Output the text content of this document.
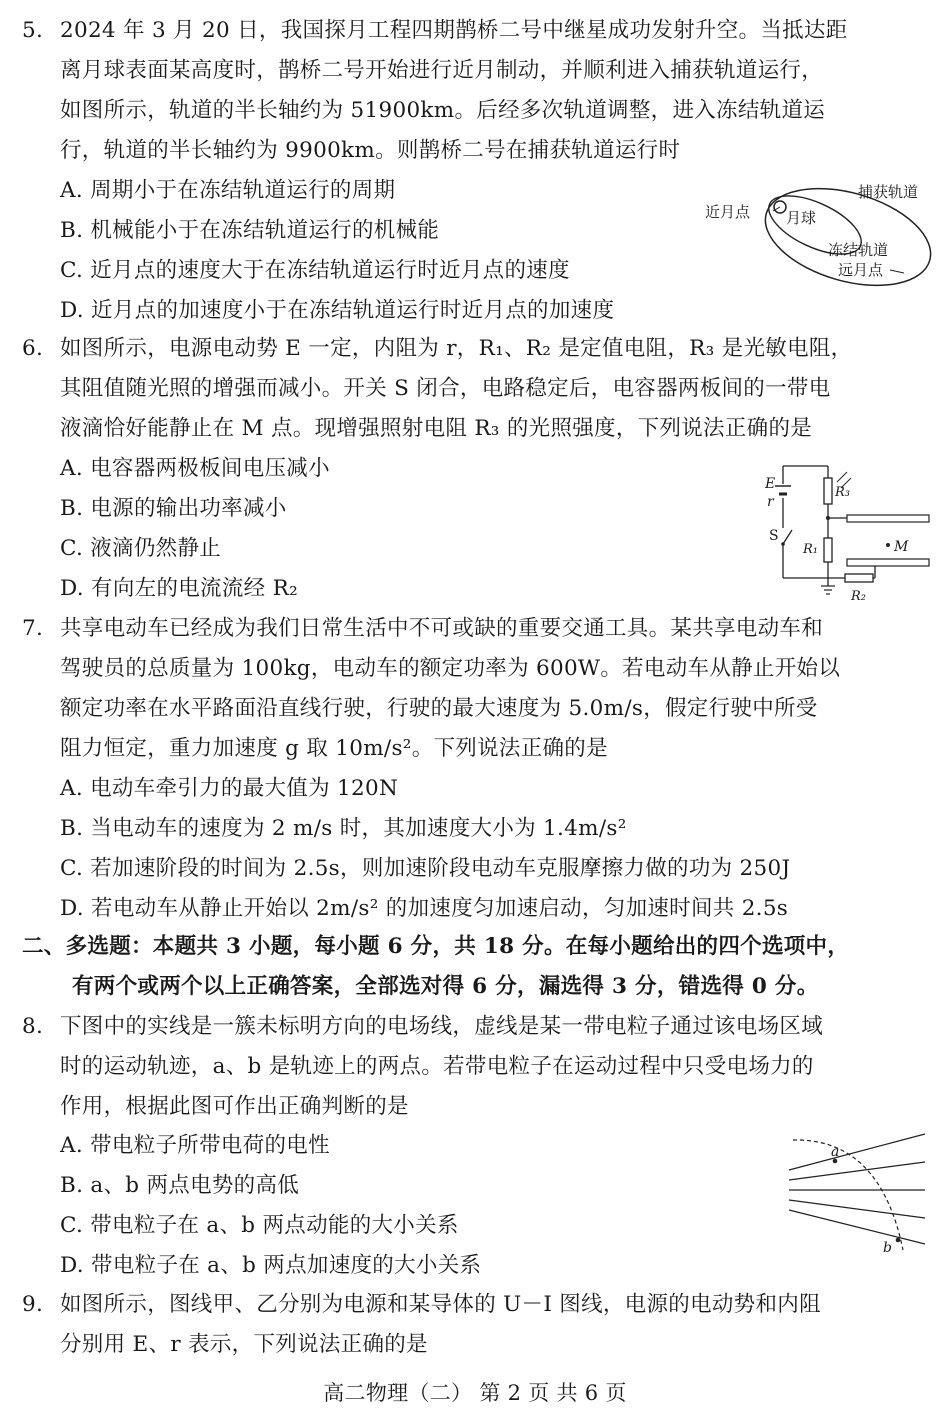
5. 2024 年 3 月 20 日，我国探月工程四期鹊桥二号中继星成功发射升空。当抵达距
离月球表面某高度时，鹊桥二号开始进行近月制动，并顺利进入捕获轨道运行，
如图所示，轨道的半长轴约为 51900km。后经多次轨道调整，进入冻结轨道运
行，轨道的半长轴约为 9900km。则鹊桥二号在捕获轨道运行时
A. 周期小于在冻结轨道运行的周期
B. 机械能小于在冻结轨道运行的机械能
C. 近月点的速度大于在冻结轨道运行时近月点的速度
D. 近月点的加速度小于在冻结轨道运行时近月点的加速度
捕获轨道
近月点 月球
冻结轨道
远月点
6. 如图所示，电源电动势 E 一定，内阻为 r，R₁、R₂ 是定值电阻，R₃ 是光敏电阻，
其阻值随光照的增强而减小。开关 S 闭合，电路稳定后，电容器两板间的一带电
液滴恰好能静止在 M 点。现增强照射电阻 R₃ 的光照强度，下列说法正确的是
A. 电容器两极板间电压减小
B. 电源的输出功率减小
C. 液滴仍然静止
D. 有向左的电流流经 R₂
E
r
S
R₃
R₁
R₂
M
7. 共享电动车已经成为我们日常生活中不可或缺的重要交通工具。某共享电动车和
驾驶员的总质量为 100kg，电动车的额定功率为 600W。若电动车从静止开始以
额定功率在水平路面沿直线行驶，行驶的最大速度为 5.0m/s，假定行驶中所受
阻力恒定，重力加速度 g 取 10m/s²。下列说法正确的是
A. 电动车牵引力的最大值为 120N
B. 当电动车的速度为 2 m/s 时，其加速度大小为 1.4m/s²
C. 若加速阶段的时间为 2.5s，则加速阶段电动车克服摩擦力做的功为 250J
D. 若电动车从静止开始以 2m/s² 的加速度匀加速启动，匀加速时间共 2.5s
二、多选题：本题共 3 小题，每小题 6 分，共 18 分。在每小题给出的四个选项中，
有两个或两个以上正确答案，全部选对得 6 分，漏选得 3 分，错选得 0 分。
8. 下图中的实线是一簇未标明方向的电场线，虚线是某一带电粒子通过该电场区域
时的运动轨迹，a、b 是轨迹上的两点。若带电粒子在运动过程中只受电场力的
作用，根据此图可作出正确判断的是
A. 带电粒子所带电荷的电性
B. a、b 两点电势的高低
C. 带电粒子在 a、b 两点动能的大小关系
D. 带电粒子在 a、b 两点加速度的大小关系
a
b
9. 如图所示，图线甲、乙分别为电源和某导体的 U－I 图线，电源的电动势和内阻
分别用 E、r 表示，下列说法正确的是
高二物理（二） 第 2 页 共 6 页
